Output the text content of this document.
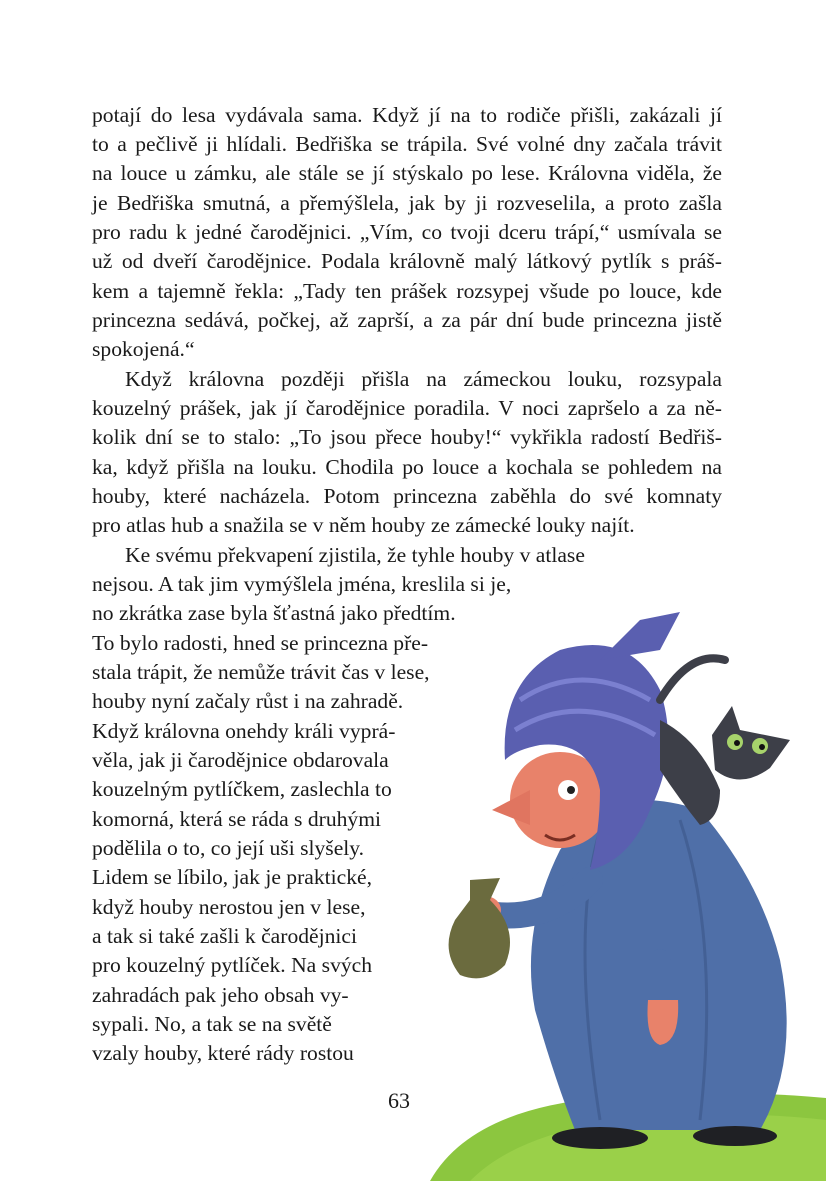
potají do lesa vydávala sama. Když jí na to rodiče přišli, zakázali jí
to a pečlivě ji hlídali. Bedřiška se trápila. Své volné dny začala trávit
na louce u zámku, ale stále se jí stýskalo po lese. Královna viděla, že
je Bedřiška smutná, a přemýšlela, jak by ji rozveselila, a proto zašla
pro radu k jedné čarodějnici. „Vím, co tvoji dceru trápí,“ usmívala se
už od dveří čarodějnice. Podala královně malý látkový pytlík s práš-
kem a tajemně řekla: „Tady ten prášek rozsypej všude po louce, kde
princezna sedává, počkej, až zaprší, a za pár dní bude princezna jistě
spokojená.“
Když královna později přišla na zámeckou louku, rozsypala
kouzelný prášek, jak jí čarodějnice poradila. V noci zapršelo a za ně-
kolik dní se to stalo: „To jsou přece houby!“ vykřikla radostí Bedřiš-
ka, když přišla na louku. Chodila po louce a kochala se pohledem na
houby, které nacházela. Potom princezna zaběhla do své komnaty
pro atlas hub a snažila se v něm houby ze zámecké louky najít.
Ke svému překvapení zjistila, že tyhle houby v atlase
nejsou. A tak jim vymýšlela jména, kreslila si je,
no zkrátka zase byla šťastná jako předtím.
To bylo radosti, hned se princezna pře-
stala trápit, že nemůže trávit čas v lese,
houby nyní začaly růst i na zahradě.
Když královna onehdy králi vyprá-
věla, jak ji čarodějnice obdarovala
kouzelným pytlíčkem, zaslechla to
komorná, která se ráda s druhými
podělila o to, co její uši slyšely.
Lidem se líbilo, jak je praktické,
když houby nerostou jen v lese,
a tak si také zašli k čarodějnici
pro kouzelný pytlíček. Na svých
zahradách pak jeho obsah vy-
sypali. No, a tak se na světě
vzaly houby, které rády rostou
63
